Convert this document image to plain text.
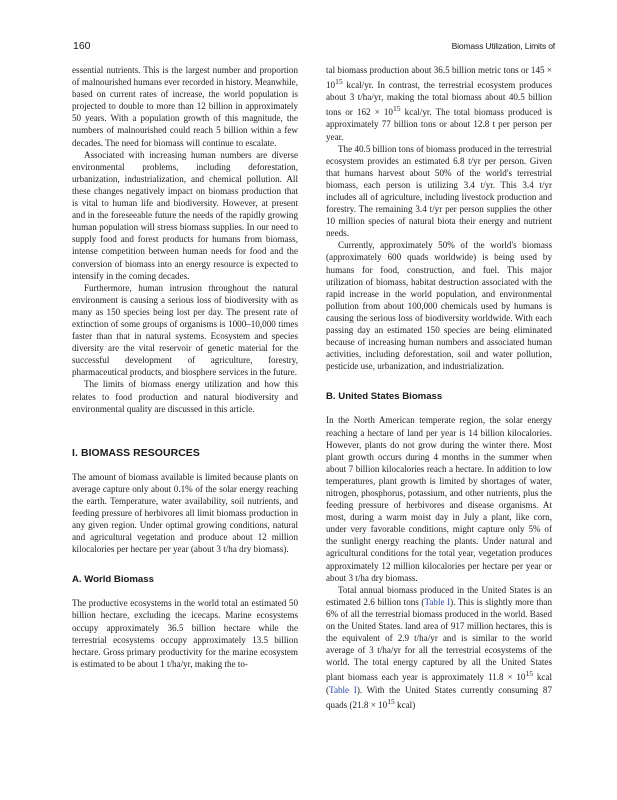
160	Biomass Utilization, Limits of

essential nutrients. This is the largest number and proportion of malnourished humans ever recorded in history. Meanwhile, based on current rates of increase, the world population is projected to double to more than 12 billion in approximately 50 years. With a population growth of this magnitude, the numbers of malnourished could reach 5 billion within a few decades. The need for biomass will continue to escalate.

Associated with increasing human numbers are diverse environmental problems, including deforestation, urbanization, industrialization, and chemical pollution. All these changes negatively impact on biomass production that is vital to human life and biodiversity. However, at present and in the foreseeable future the needs of the rapidly growing human population will stress biomass supplies. In our need to supply food and forest products for humans from biomass, intense competition between human needs for food and the conversion of biomass into an energy resource is expected to intensify in the coming decades.

Furthermore, human intrusion throughout the natural environment is causing a serious loss of biodiversity with as many as 150 species being lost per day. The present rate of extinction of some groups of organisms is 1000–10,000 times faster than that in natural systems. Ecosystem and species diversity are the vital reservoir of genetic material for the successful development of agriculture, forestry, pharmaceutical products, and biosphere services in the future.

The limits of biomass energy utilization and how this relates to food production and natural biodiversity and environmental quality are discussed in this article.

I. BIOMASS RESOURCES

The amount of biomass available is limited because plants on average capture only about 0.1% of the solar energy reaching the earth. Temperature, water availability, soil nutrients, and feeding pressure of herbivores all limit biomass production in any given region. Under optimal growing conditions, natural and agricultural vegetation and produce about 12 million kilocalories per hectare per year (about 3 t/ha dry biomass).

A. World Biomass

The productive ecosystems in the world total an estimated 50 billion hectare, excluding the icecaps. Marine ecosystems occupy approximately 36.5 billion hectare while the terrestrial ecosystems occupy approximately 13.5 billion hectare. Gross primary productivity for the marine ecosystem is estimated to be about 1 t/ha/yr, making the to-

tal biomass production about 36.5 billion metric tons or $145 \times 10^{15}$ kcal/yr. In contrast, the terrestrial ecosystem produces about 3 t/ha/yr, making the total biomass about 40.5 billion tons or $162 \times 10^{15}$ kcal/yr. The total biomass produced is approximately 77 billion tons or about 12.8 t per person per year.

The 40.5 billion tons of biomass produced in the terrestrial ecosystem provides an estimated 6.8 t/yr per person. Given that humans harvest about 50% of the world's terrestrial biomass, each person is utilizing 3.4 t/yr. This 3.4 t/yr includes all of agriculture, including livestock production and forestry. The remaining 3.4 t/yr per person supplies the other 10 million species of natural biota their energy and nutrient needs.

Currently, approximately 50% of the world's biomass (approximately 600 quads worldwide) is being used by humans for food, construction, and fuel. This major utilization of biomass, habitat destruction associated with the rapid increase in the world population, and environmental pollution from about 100,000 chemicals used by humans is causing the serious loss of biodiversity worldwide. With each passing day an estimated 150 species are being eliminated because of increasing human numbers and associated human activities, including deforestation, soil and water pollution, pesticide use, urbanization, and industrialization.

B. United States Biomass

In the North American temperate region, the solar energy reaching a hectare of land per year is 14 billion kilocalories. However, plants do not grow during the winter there. Most plant growth occurs during 4 months in the summer when about 7 billion kilocalories reach a hectare. In addition to low temperatures, plant growth is limited by shortages of water, nitrogen, phosphorus, potassium, and other nutrients, plus the feeding pressure of herbivores and disease organisms. At most, during a warm moist day in July a plant, like corn, under very favorable conditions, might capture only 5% of the sunlight energy reaching the plants. Under natural and agricultural conditions for the total year, vegetation produces approximately 12 million kilocalories per hectare per year or about 3 t/ha dry biomass.

Total annual biomass produced in the United States is an estimated 2.6 billion tons (Table I). This is slightly more than 6% of all the terrestrial biomass produced in the world. Based on the United States. land area of 917 million hectares, this is the equivalent of 2.9 t/ha/yr and is similar to the world average of 3 t/ha/yr for all the terrestrial ecosystems of the world. The total energy captured by all the United States plant biomass each year is approximately $11.8 \times 10^{15}$ kcal (Table I). With the United States currently consuming 87 quads ($21.8 \times 10^{15}$ kcal)
